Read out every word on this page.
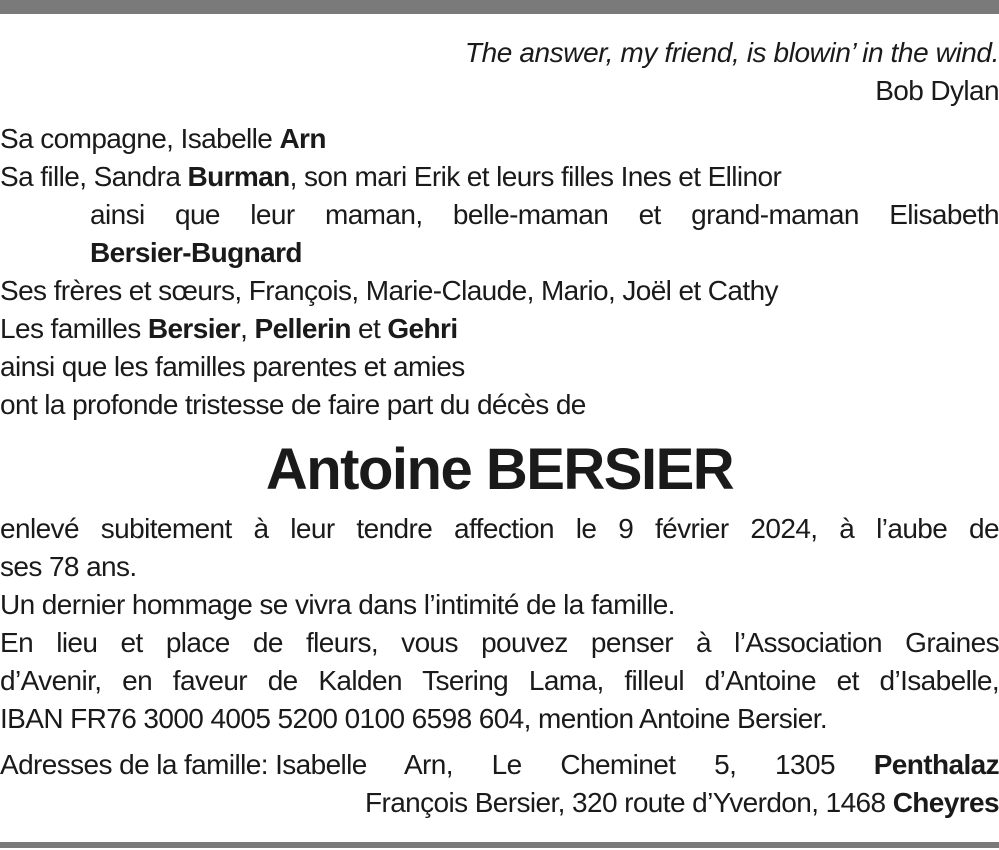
The answer, my friend, is blowin’ in the wind.
Bob Dylan
Sa compagne, Isabelle Arn
Sa fille, Sandra Burman, son mari Erik et leurs filles Ines et Ellinor
ainsi que leur maman, belle-maman et grand-maman Elisabeth
Bersier-Bugnard
Ses frères et sœurs, François, Marie-Claude, Mario, Joël et Cathy
Les familles Bersier, Pellerin et Gehri
ainsi que les familles parentes et amies
ont la profonde tristesse de faire part du décès de
Antoine BERSIER
enlevé subitement à leur tendre affection le 9 février 2024, à l’aube de
ses 78 ans.
Un dernier hommage se vivra dans l’intimité de la famille.
En lieu et place de fleurs, vous pouvez penser à l’Association Graines
d’Avenir, en faveur de Kalden Tsering Lama, filleul d’Antoine et d’Isabelle,
IBAN FR76 3000 4005 5200 0100 6598 604, mention Antoine Bersier.
Adresses de la famille: Isabelle Arn, Le Cheminet 5, 1305 Penthalaz
François Bersier, 320 route d’Yverdon, 1468 Cheyres
